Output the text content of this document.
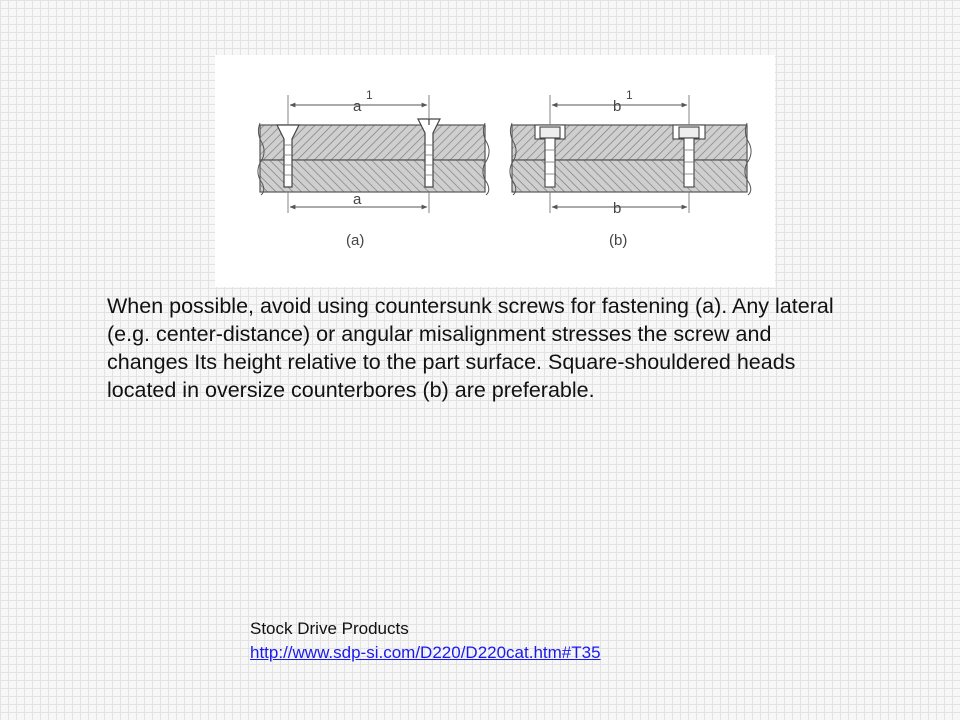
a
1
a
(a)
b
1
b
(b)

When possible, avoid using countersunk screws for fastening (a). Any lateral (e.g. center-distance) or angular misalignment stresses the screw and changes Its height relative to the part surface. Square-shouldered heads located in oversize counterbores (b) are preferable.

Stock Drive Products
http://www.sdp-si.com/D220/D220cat.htm#T35
